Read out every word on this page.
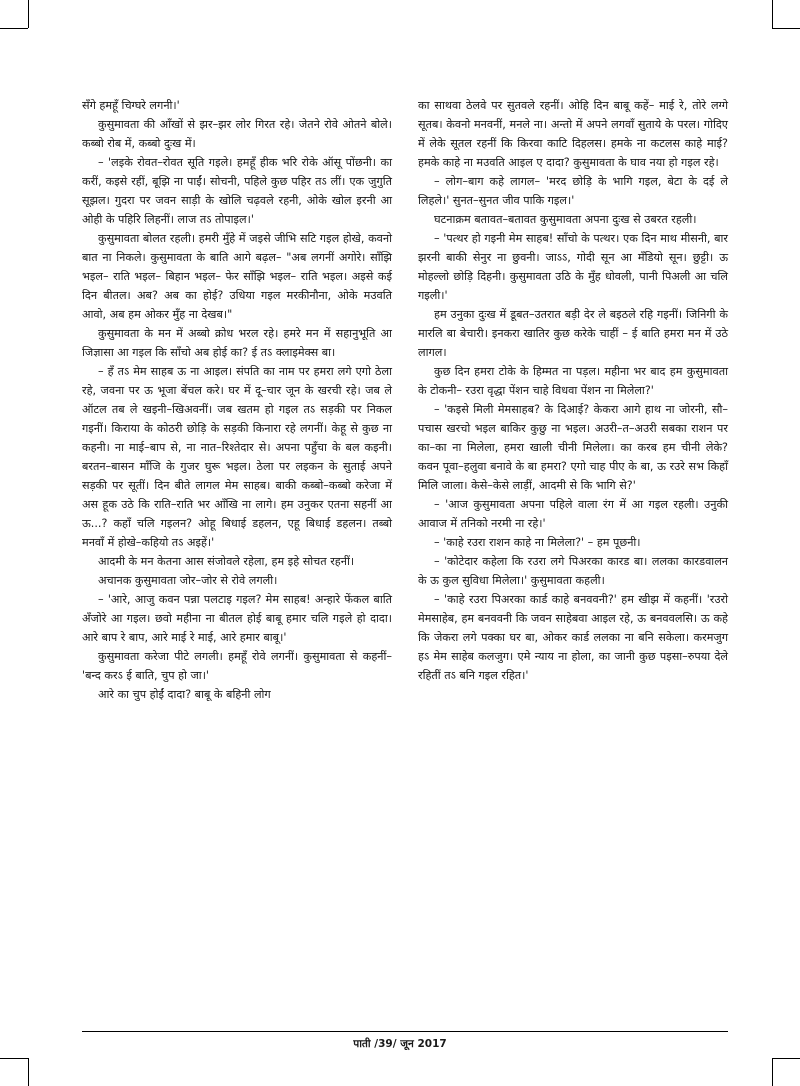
सँगे हमहूँ चिग्घरे लगनी।'

कुसुमावता की आँखों से झर–झर लोर गिरत रहे। जेतने रोवे ओतने बोले। कब्बो रोब में, कब्बो दुःख में।

– 'लइके रोवत–रोवत सूति गइले। हमहूँ हीक भरि रोके ऑसू पोंछनी। का करीं, कइसे रहीं, बूझि ना पाईं। सोचनी, पहिले कुछ पहिर तऽ लीं। एक जुगुति सूझल। गुदरा पर जवन साड़ी के खोलि चढ़वले रहनी, ओके खोल इरनी आ ओही के पहिरि लिहनीं। लाज तऽ तोपाइल।'

कुसुमावता बोलत रहली। हमरी मुँहे में जइसे जीभि सटि गइल होखे, कवनो बात ना निकले। कुसुमावता के बाति आगे बढ़ल– "अब लगनीं अगोरे। साँझि भइल– राति भइल– बिहान भइल– फेर साँझि भइल– राति भइल। अइसे कई दिन बीतल। अब? अब का होई? उधिया गइल मरकीनौना, ओके मउवति आवो, अब हम ओकर मुँह ना देखब।"

कुसुमावता के मन में अब्बो क्रोध भरल रहे। हमरे मन में सहानुभूति आ जिज्ञासा आ गइल कि साँचो अब होई का? ई तऽ क्लाइमेक्स बा।

– हँ तऽ मेम साहब ऊ ना आइल। संपति का नाम पर हमरा लगे एगो ठेला रहे, जवना पर ऊ भूजा बेंचल करे। घर में दू–चार जून के खरची रहे। जब ले ऑटल तब ले खइनी–खिअवनीं। जब खतम हो गइल तऽ सड़की पर निकल गइनीं। किराया के कोठरी छोड़ि के सड़की किनारा रहे लगनीं। केहू से कुछ ना कहनी। ना माई–बाप से, ना नात–रिश्तेदार से। अपना पहुँचा के बल कइनी। बरतन–बासन माँजि के गुजर घुरू भइल। ठेला पर लइकन के सुताई अपने सड़की पर सूतीं। दिन बीते लागल मेम साहब। बाकी कब्बो–कब्बो करेजा में अस हूक उठे कि राति–राति भर आँखि ना लागे। हम उनुकर एतना सहनीं आ ऊ...? कहाँ चलि गइलन? ओहू बिधाई डहलन, एहू बिधाई डहलन। तब्बो मनवाँ में होखे–कहियो तऽ अइहें।'

आदमी के मन केतना आस संजोवले रहेला, हम इहे सोचत रहनीं।

अचानक कुसुमावता जोर–जोर से रोवे लगली।

– 'आरे, आजु कवन पन्ना पलटाइ गइल? मेम साहब! अन्हारे फेंकल बाति अँजोरे आ गइल। छवो महीना ना बीतल होई बाबू हमार चलि गइले हो दादा। आरे बाप रे बाप, आरे माई रे माई, आरे हमार बाबू।'

कुसुमावता करेजा पीटे लगली। हमहूँ रोवे लगनीं। कुसुमावता से कहनीं– 'बन्द करऽ ई बाति, चुप हो जा।'

आरे का चुप होईं दादा? बाबू के बहिनी लोग

का साथवा ठेलवे पर सुतवले रहनीं। ओहि दिन बाबू कहें– माई रे, तोरे लग्गे सूतब। केवनो मनवनीं, मनले ना। अन्तो में अपने लगवाँ सुताये के परल। गोदिए में लेके सूतल रहनीं कि किरवा काटि दिहलस। हमके ना कटलस काहे माई? हमके काहे ना मउवति आइल ए दादा? कुसुमावता के घाव नया हो गइल रहे।

– लोग–बाग कहे लागल– 'मरद छोड़ि के भागि गइल, बेटा के दई ले लिहले।' सुनत–सुनत जीव पाकि गइल।'

घटनाक्रम बतावत–बतावत कुसुमावता अपना दुःख से उबरत रहली।

– 'पत्थर हो गइनी मेम साहब! साँचो के पत्थर। एक दिन माथ मीसनी, बार झरनी बाकी सेनुर ना छुवनी। जाऽऽ, गोदी सून आ मँडियो सून। छुट्टी। ऊ मोहल्लो छोड़ि दिहनी। कुसुमावता उठि के मुँह धोवली, पानी पिअली आ चलि गइली।'

हम उनुका दुःख में डूबत–उतरात बड़ी देर ले बइठले रहि गइनीं। जिनिगी के मारलि बा बेचारी। इनकरा खातिर कुछ करेके चाहीं – ई बाति हमरा मन में उठे लागल।

कुछ दिन हमरा टोके के हिम्मत ना पड़ल। महीना भर बाद हम कुसुमावता के टोकनी– रउरा वृद्धा पेंशन चाहे विधवा पेंशन ना मिलेला?'

– 'कइसे मिली मेमसाहब? के दिआई? केकरा आगे हाथ ना जोरनी, सौ–पचास खरचो भइल बाकिर कुछु ना भइल। अउरी–त–अउरी सबका राशन पर का–का ना मिलेला, हमरा खाली चीनी मिलेला। का करब हम चीनी लेके? कवन पूवा–हलुवा बनावे के बा हमरा? एगो चाह पीए के बा, ऊ रउरे सभ किहाँ मिलि जाला। केसे–केसे लाड़ीं, आदमी से कि भागि से?'

– 'आज कुसुमावता अपना पहिले वाला रंग में आ गइल रहली। उनुकी आवाज में तनिको नरमी ना रहे।'

– 'काहे रउरा राशन काहे ना मिलेला?' – हम पूछनी।

– 'कोटेदार कहेला कि रउरा लगे पिअरका कारड बा। ललका कारडवालन के ऊ कुल सुविधा मिलेला।' कुसुमावता कहली।

– 'काहे रउरा पिअरका कार्ड काहे बनववनी?' हम खीझ में कहनीं। 'रउरो मेमसाहेब, हम बनववनी कि जवन साहेबवा आइल रहे, ऊ बनववलसि। ऊ कहे कि जेकरा लगे पक्का घर बा, ओकर कार्ड ललका ना बनि सकेला। करमजुग हऽ मेम साहेब कलजुग। एमे न्याय ना होला, का जानी कुछ पइसा–रुपया देले रहितीं तऽ बनि गइल रहित।'

पाती /39/ जून 2017
